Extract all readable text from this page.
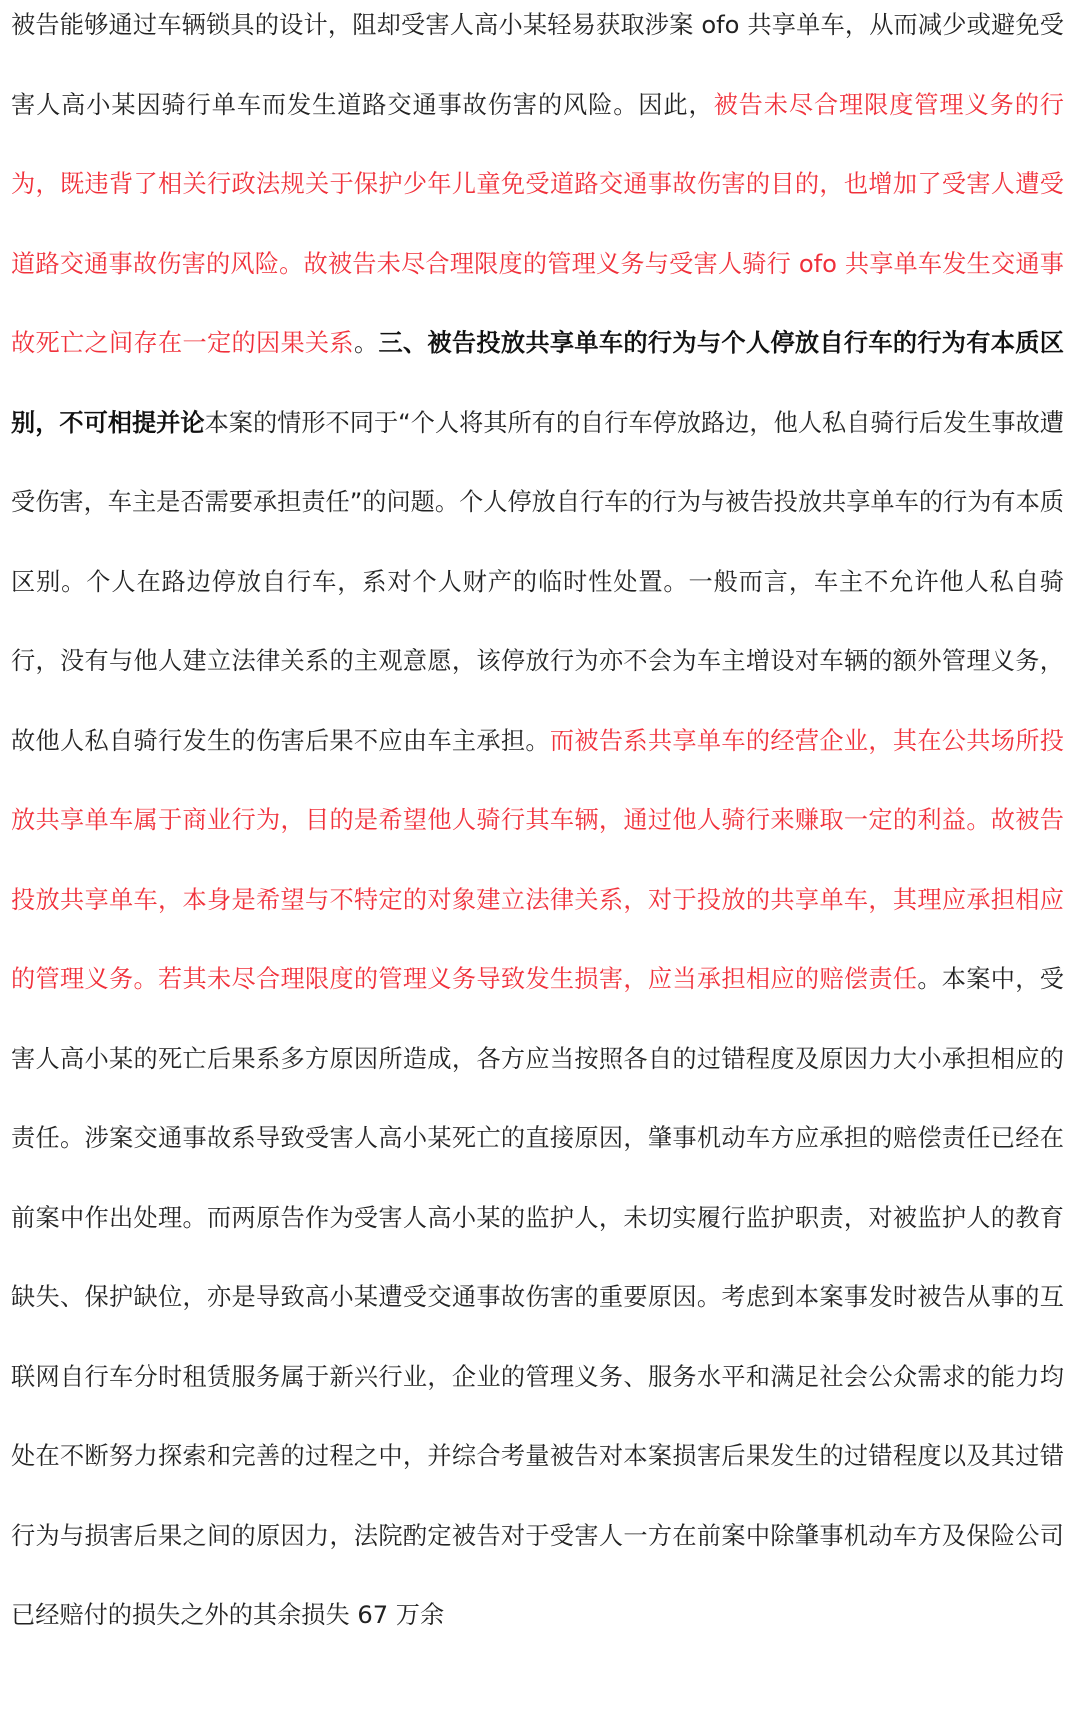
被告能够通过车辆锁具的设计，阻却受害人高小某轻易获取涉案 ofo 共享单车，从而减少或避免受害人高小某因骑行单车而发生道路交通事故伤害的风险。因此，被告未尽合理限度管理义务的行为，既违背了相关行政法规关于保护少年儿童免受道路交通事故伤害的目的，也增加了受害人遭受道路交通事故伤害的风险。故被告未尽合理限度的管理义务与受害人骑行 ofo 共享单车发生交通事故死亡之间存在一定的因果关系。三、被告投放共享单车的行为与个人停放自行车的行为有本质区别，不可相提并论本案的情形不同于“个人将其所有的自行车停放路边，他人私自骑行后发生事故遭受伤害，车主是否需要承担责任”的问题。个人停放自行车的行为与被告投放共享单车的行为有本质区别。个人在路边停放自行车，系对个人财产的临时性处置。一般而言，车主不允许他人私自骑行，没有与他人建立法律关系的主观意愿，该停放行为亦不会为车主增设对车辆的额外管理义务，故他人私自骑行发生的伤害后果不应由车主承担。而被告系共享单车的经营企业，其在公共场所投放共享单车属于商业行为，目的是希望他人骑行其车辆，通过他人骑行来赚取一定的利益。故被告投放共享单车，本身是希望与不特定的对象建立法律关系，对于投放的共享单车，其理应承担相应的管理义务。若其未尽合理限度的管理义务导致发生损害，应当承担相应的赔偿责任。本案中，受害人高小某的死亡后果系多方原因所造成，各方应当按照各自的过错程度及原因力大小承担相应的责任。涉案交通事故系导致受害人高小某死亡的直接原因，肇事机动车方应承担的赔偿责任已经在前案中作出处理。而两原告作为受害人高小某的监护人，未切实履行监护职责，对被监护人的教育缺失、保护缺位，亦是导致高小某遭受交通事故伤害的重要原因。考虑到本案事发时被告从事的互联网自行车分时租赁服务属于新兴行业，企业的管理义务、服务水平和满足社会公众需求的能力均处在不断努力探索和完善的过程之中，并综合考量被告对本案损害后果发生的过错程度以及其过错行为与损害后果之间的原因力，法院酌定被告对于受害人一方在前案中除肇事机动车方及保险公司已经赔付的损失之外的其余损失 67 万余
